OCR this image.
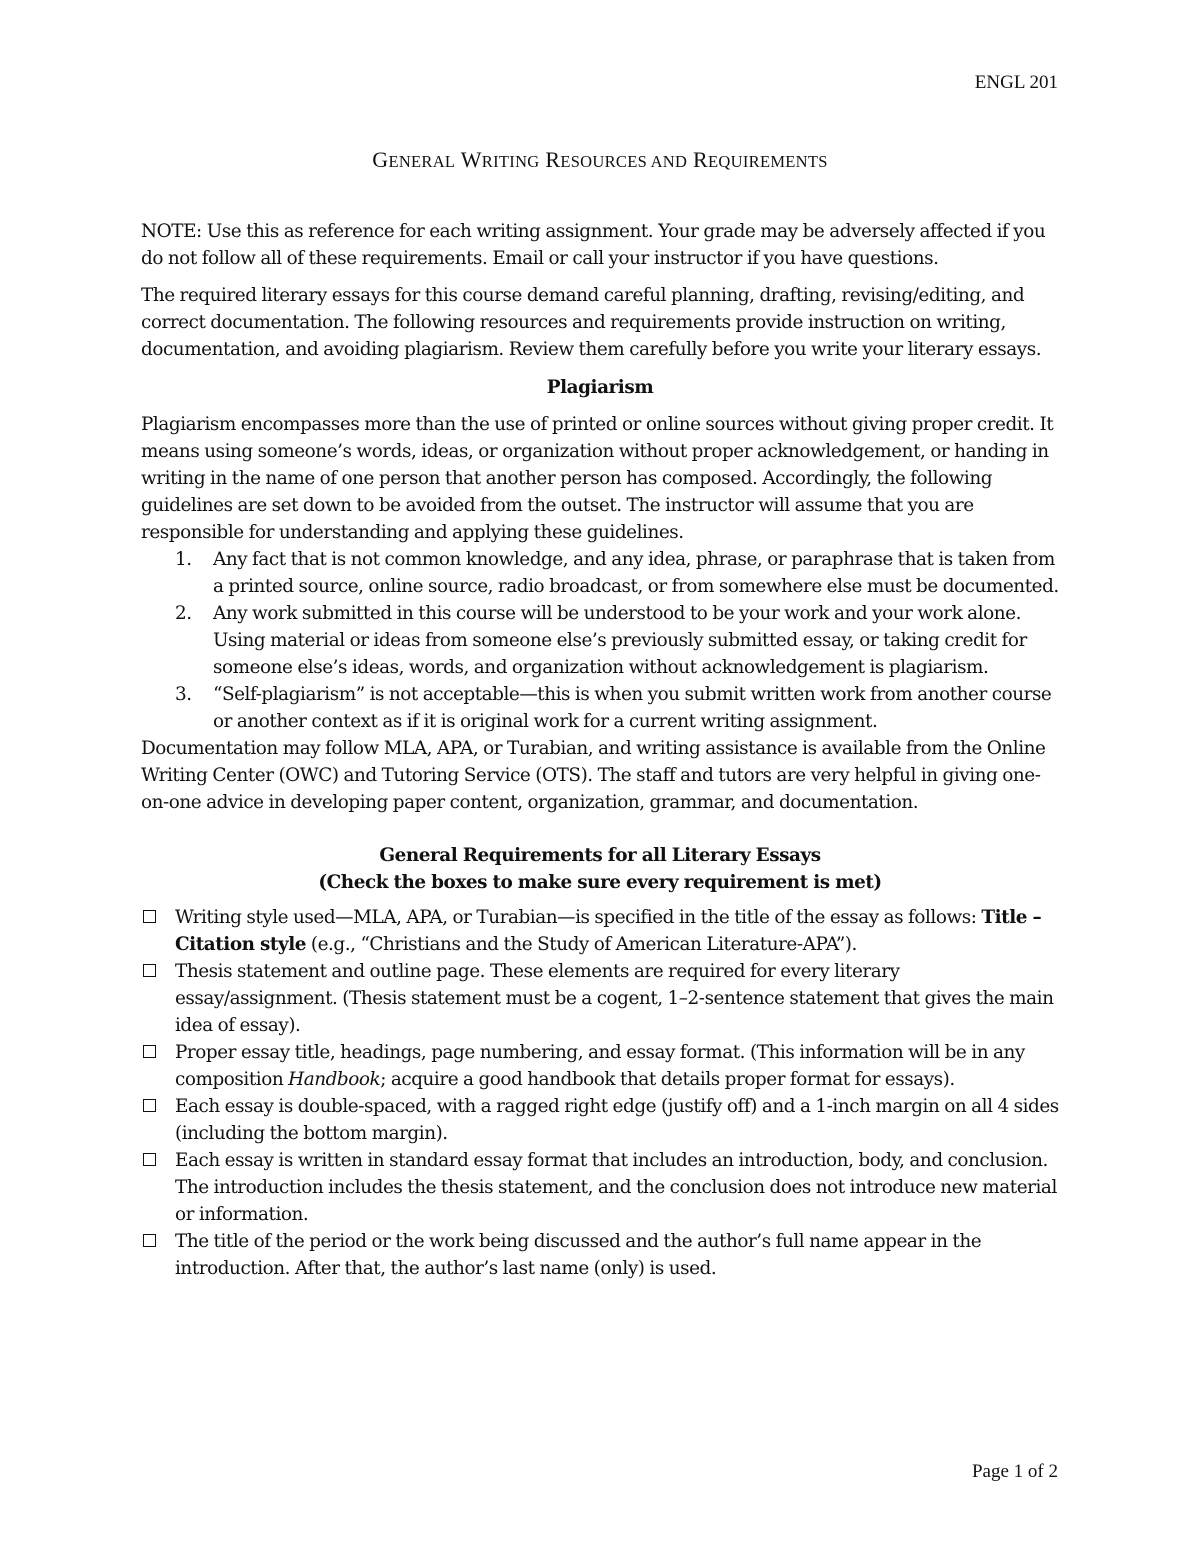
ENGL 201
GENERAL WRITING RESOURCES AND REQUIREMENTS

NOTE: Use this as reference for each writing assignment. Your grade may be adversely affected if you do not follow all of these requirements. Email or call your instructor if you have questions.

The required literary essays for this course demand careful planning, drafting, revising/editing, and correct documentation. The following resources and requirements provide instruction on writing, documentation, and avoiding plagiarism. Review them carefully before you write your literary essays.

Plagiarism

Plagiarism encompasses more than the use of printed or online sources without giving proper credit. It means using someone’s words, ideas, or organization without proper acknowledgement, or handing in writing in the name of one person that another person has composed. Accordingly, the following guidelines are set down to be avoided from the outset. The instructor will assume that you are responsible for understanding and applying these guidelines.

1. Any fact that is not common knowledge, and any idea, phrase, or paraphrase that is taken from a printed source, online source, radio broadcast, or from somewhere else must be documented.
2. Any work submitted in this course will be understood to be your work and your work alone. Using material or ideas from someone else’s previously submitted essay, or taking credit for someone else’s ideas, words, and organization without acknowledgement is plagiarism.
3. “Self-plagiarism” is not acceptable—this is when you submit written work from another course or another context as if it is original work for a current writing assignment.

Documentation may follow MLA, APA, or Turabian, and writing assistance is available from the Online Writing Center (OWC) and Tutoring Service (OTS). The staff and tutors are very helpful in giving one-on-one advice in developing paper content, organization, grammar, and documentation.

General Requirements for all Literary Essays

(Check the boxes to make sure every requirement is met)

Writing style used—MLA, APA, or Turabian—is specified in the title of the essay as follows: Title – Citation style (e.g., “Christians and the Study of American Literature-APA”).
Thesis statement and outline page. These elements are required for every literary essay/assignment. (Thesis statement must be a cogent, 1–2-sentence statement that gives the main idea of essay).
Proper essay title, headings, page numbering, and essay format. (This information will be in any composition Handbook; acquire a good handbook that details proper format for essays).
Each essay is double-spaced, with a ragged right edge (justify off) and a 1-inch margin on all 4 sides (including the bottom margin).
Each essay is written in standard essay format that includes an introduction, body, and conclusion. The introduction includes the thesis statement, and the conclusion does not introduce new material or information.
The title of the period or the work being discussed and the author’s full name appear in the introduction. After that, the author’s last name (only) is used.
Page 1 of 2
